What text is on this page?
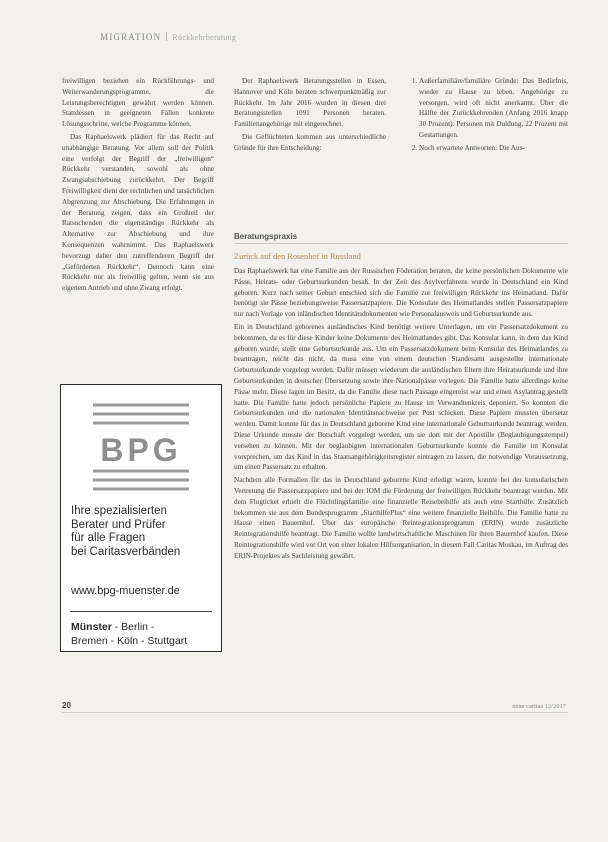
MIGRATION Rückkehrberatung

freiwilligen beziehen ein Rückführungs- und Weiterwanderungsprogramme, die Leistungsberechtigten gewährt werden können. Stattdessen in geeigneten Fällen konkrete Lösungsschritte, welche Programme können.

Das Raphaelswerk plädiert für das Recht auf unabhängige Beratung. Vor allem soll der Politik eine verfolgt der Begriff der „freiwilligen“ Rückkehr verstanden, sowohl als ohne Zwangsabschiebung zurückkehrt. Der Begriff Freiwilligkeit dient der rechtlichen und tatsächlichen Abgrenzung zur Abschiebung. Die Erfahrungen in der Beratung zeigen, dass ein Großteil der Ratsuchenden die eigenständige Rückkehr als Alternative zur Abschiebung und ihre Konsequenzen wahrnimmt. Das Raphaelswerk bevorzugt daher den zutreffenderen Begriff der „Geförderten Rückkehr“. Dennoch kann eine Rückkehr nur als freiwillig gelten, wenn sie aus eigenem Antrieb und ohne Zwang erfolgt.

Der Raphaelswerk Beratungsstellen in Essen, Hannover und Köln beraten schwerpunktmäßig zur Rückkehr. Im Jahr 2016 wurden in diesen drei Beratungsstellen 1091 Personen beraten. Familienangehörige mit eingerechnet.

Die Geflüchteten kommen aus unterschiedliche Gründe für ihre Entscheidung:

1. Außerfamiliäre/familiäre Gründe: Das Bedürfnis, wieder zu Hause zu leben. Angehörige zu versorgen, wird oft nicht anerkannt. Über die Hälfte der Zurückkehrenden (Anfang 2016 knapp 30 Prozent). Personen mit Duldung, 22 Prozent mit Gestattungen.
2. Noch erwartete Antworten: Die Aus-
Beratungspraxis
Zurück auf den Rosenhof in Russland

Das Raphaelswerk hat eine Familie aus der Russischen Föderation beraten, die keine persönlichen Dokumente wie Pässe, Heirats- oder Geburtsurkunden besaß. In der Zeit des Asylverfahrens wurde in Deutschland ein Kind geboren. Kurz nach seiner Geburt entschied sich die Familie zur freiwilligen Rückkehr ins Heimatland. Dafür benötigt sie Pässe beziehungsweise Passersatzpapiere. Die Konsulate des Heimatlandes stellen Passersatzpapiere nur nach Vorlage von inländischen Identitätsdokumenten wie Personalausweis und Geburtsurkunde aus.

Ein in Deutschland geborenes ausländisches Kind benötigt weitere Unterlagen, um ein Passersatzdokument zu bekommen, da es für diese Kinder keine Dokumente des Heimatlandes gibt. Das Konsulat kann, in dem das Kind geboren wurde, stellt eine Geburtsurkunde aus. Um ein Passersatzdokument beim Konsulat des Heimatlandes zu beantragen, reicht das nicht, da muss eine von einem deutschen Standesamt ausgestellte internationale Geburtsurkunde vorgelegt werden. Dafür müssen wiederum die ausländischen Eltern ihre Heiratsurkunde und ihre Geburtsurkunden in deutscher Übersetzung sowie ihre Nationalpässe vorlegen. Die Familie hatte allerdings keine Pässe mehr. Diese lagen im Besitz, da die Familie diese nach Passage eingereist war und einen Asylantrag gestellt hatte. Die Familie hatte jedoch persönliche Papiere zu Hause im Verwandtenkreis deponiert. So konnten die Geburtsurkunden und die nationalen Identitätsnachweise per Post schicken. Diese Papiere mussten übersetzt werden. Damit konnte für das in Deutschland geborene Kind eine internationale Geburtsurkunde beantragt werden. Diese Urkunde musste der Botschaft vorgelegt werden, um sie dort mit der Apostille (Beglaubigungsstempel) versehen zu können. Mit der beglaubigten internationalen Geburtsurkunde konnte die Familie im Konsulat vorsprechen, um das Kind in das Staatsangehörigkeitsregister eintragen zu lassen, die notwendige Voraussetzung, um einen Passersatz zu erhalten.

Nachdem alle Formalien für das in Deutschland geborene Kind erledigt waren, konnte bei der konsularischen Vertretung die Passersatzpapiere und bei der IOM die Förderung der freiwilligen Rückkehr beantragt werden. Mit dem Flugticket erhielt die Flüchtlingsfamilie eine finanzielle Reisebeihilfe als auch eine Starthilfe. Zusätzlich bekommen sie aus dem Bundesprogramm „StarthilfePlus“ eine weitere finanzielle Beihilfe. Die Familie hatte zu Hause einen Bauernhof. Über das europäische Reintegrationsprogramm (ERIN) wurde zusätzliche Reintegrationshilfe beantragt. Die Familie wollte landwirtschaftliche Maschinen für ihren Bauernhof kaufen. Diese Reintegrationshilfe wird vor Ort von einer lokalen Hilfsorganisation, in diesem Fall Caritas Moskau, im Auftrag des ERIN-Projektes als Sachleistung gewährt.

BPG
Ihre spezialisierten
Berater und Prüfer
für alle Fragen
bei Caritasverbänden
www.bpg-muenster.de
Münster - Berlin -
Bremen - Köln - Stuttgart
20	neue caritas 12/2017
